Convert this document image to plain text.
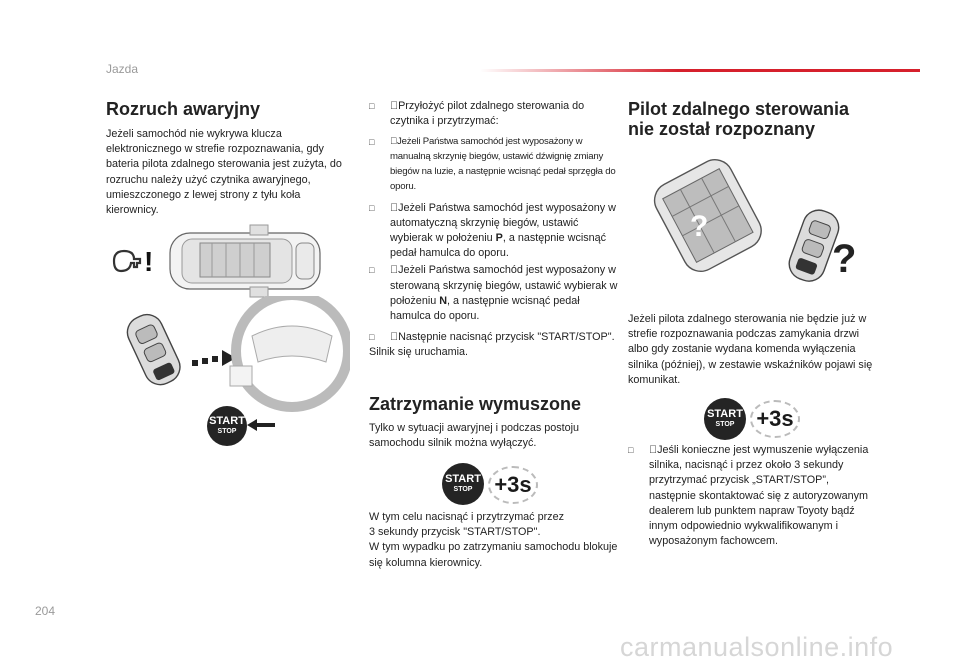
Jazda
204
carmanualsonline.info
Rozruch awaryjny

Jeżeli samochód nie wykrywa klucza elektronicznego w strefie rozpoznawania, gdy bateria pilota zdalnego sterowania jest zużyta, do rozruchu należy użyć czytnika awaryjnego, umieszczonego z lewej strony z tyłu koła kierownicy.

!
START
STOP

□ Przyłożyć pilot zdalnego sterowania do czytnika i przytrzymać:

□ Jeżeli Państwa samochód jest wyposażony w manualną skrzynię biegów, ustawić dźwignię zmiany biegów na luzie, a następnie wcisnąć pedał sprzęgła do oporu.

□ Jeżeli Państwa samochód jest wyposażony w automatyczną skrzynię biegów, ustawić wybierak w położeniu P, a następnie wcisnąć pedał hamulca do oporu.

□ Jeżeli Państwa samochód jest wyposażony w sterowaną skrzynię biegów, ustawić wybierak w położeniu N, a następnie wcisnąć pedał hamulca do oporu.

□ Następnie nacisnąć przycisk "START/STOP".

Silnik się uruchamia.

Zatrzymanie wymuszone

Tylko w sytuacji awaryjnej i podczas postoju samochodu silnik można wyłączyć.

START
STOP +3s

W tym celu nacisnąć i przytrzymać przez

3 sekundy przycisk "START/STOP".

W tym wypadku po zatrzymaniu samochodu blokuje się kolumna kierownicy.

Pilot zdalnego sterowania
nie został rozpoznany
?
?

Jeżeli pilota zdalnego sterowania nie będzie już w strefie rozpoznawania podczas zamykania drzwi albo gdy zostanie wydana komenda wyłączenia silnika (później), w zestawie wskaźników pojawi się komunikat.

START
STOP +3s

□ Jeśli konieczne jest wymuszenie wyłączenia silnika, nacisnąć i przez około 3 sekundy przytrzymać przycisk „START/STOP”, następnie skontaktować się z autoryzowanym dealerem lub punktem napraw Toyoty bądź innym odpowiednio wykwalifikowanym i wyposażonym fachowcem.
